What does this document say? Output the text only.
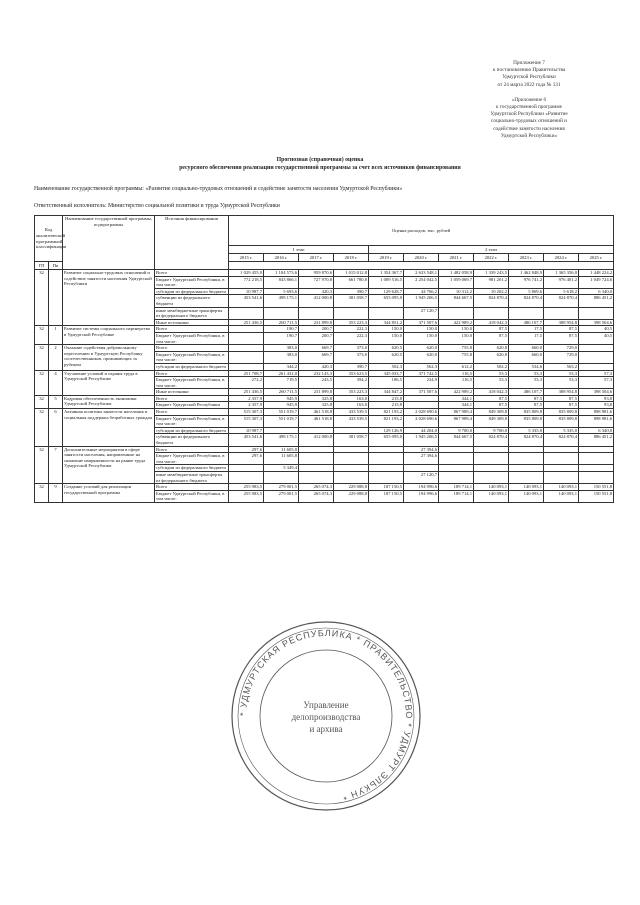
Приложение 7
к постановлению Правительства
Удмуртской Республики
от 24 марта 2022 года № 131
«Приложение 6
к государственной программе
Удмуртской Республики «Развитие
социально-трудовых отношений и
содействие занятости населения
Удмуртской Республики»
Прогнозная (справочная) оценка
ресурсного обеспечения реализации государственной программы за счет всех источников финансирования
Наименование государственной программы: «Развитие социально-трудовых отношений и содействие занятости населения Удмуртской Республики»
Ответственный исполнитель: Министерство социальной политики и труда Удмуртской Республики
Код аналитической программной классификации		Наименование государственной программы, подпрограммы	Источник финансирования	Оценка расходов, тыс. рублей										
				1 этап				2 этап						
				2015 г.	2016 г.	2017 г.	2018 г.	2019 г.	2020 г.	2021 г.	2022 г.	2023 г.	2024 г.	2025 г.
ГП	Пп													
32		Развитие социально-трудовых отношений и содействие занятости населения Удмуртской Республики	Всего	1 029 455,0	1 104 573,6	959 870,6	1 015 012,8	1 354 367,7	2 633 548,1	1 482 058,9	1 339 243,5	1 462 848,9	1 365 356,0	1 448 224,2
			Бюджет Удмуртской Республики, в том числе:	772 218,5	843 866,1	727 970,8	661 780,8	1 009 516,5	2 254 042,5	1 059 069,7	981 201,2	976 741,2	976 401,2	1 049 724,6
			субсидии из федерального бюджета	10 987,7	5 693,6	420,3	390,7	129 628,7	44 766,2	10 312,2	10 202,2	5 869,6	5 618,2	6 340,0
			субвенции из федерального бюджета	453 541,6	498 175,1	412 000,8	381 058,7	655 095,0	1 945 206,5	844 667,5	824 870,4	824 870,4	824 870,4	886 451,2
			иные межбюджетные трансферты из федерального бюджета						27 120,7					
			Иные источники	251 436,5	260 711,5	231 899,8	353 223,3	344 851,2	371 507,6	422 989,2	418 042,3	486 107,7	388 954,8	398 504,6
32	1	Развитие системы социального партнерства в Удмуртской Республике	Всего		190,7	200,7	222,3	150,0	150,0	150,0	87,5	17,5	87,5	40,5
			Бюджет Удмуртской Республики, в том числе:		190,7	200,7	222,3	150,0	150,0	150,0	87,5	17,5	87,5	40,5
32	2	Оказание содействия добровольному переселению в Удмуртскую Республику соотечественников, проживающих за рубежом	Всего		383,0	669,7	373,0	620,5	620,0	755,8	620,8	660,0	729,0	
			Бюджет Удмуртской Республики, в том числе:		383,0	669,7	373,0	620,5	620,0	755,8	620,8	660,0	729,0	
			субсидии из федерального бюджета		344,2	420,3	390,7	502,3	562,3	612,2	502,2	534,6	563,2	
32	4	Улучшение условий и охраны труда в Удмуртской Республике	Всего	251 708,7	261 431,0	232 143,3	353 623,5	345 033,7	371 742,5	116,5	53,3	53,3	53,3	57,3
			Бюджет Удмуртской Республики, в том числе:	272,2	719,5	243,5	394,2	186,5	234,9	116,5	53,3	53,3	53,3	57,3
			Иные источники	251 436,5	260 711,5	231 899,8	353 223,3	344 847,2	371 507,6	422 989,2	418 042,3	486 107,7	388 954,8	398 504,6
32	5	Кадровая обеспеченность экономики Удмуртской Республики	Всего	2 357,9	945,9	325,8	163,0	215,8		344,1	87,5	87,5	87,5	93,8
			Бюджет Удмуртской Республики	2 357,9	945,9	325,8	163,0	215,8		344,1	87,5	87,5	87,5	93,8
32	6	Активная политика занятости населения и социальная поддержка безработных граждан	Всего	515 307,3	551 019,7	461 518,8	433 539,5	821 193,2	2 028 690,6	867 989,4	849 309,8	835 809,8	835 809,8	898 981,6
			Бюджет Удмуртской Республики, в том числе:	515 307,3	551 019,7	461 518,8	433 539,5	821 193,2	2 028 690,6	867 989,4	849 309,8	835 809,8	835 809,8	898 981,6
			субсидии из федерального бюджета	10 987,7				129 126,9	44 204,0	9 700,0	9 700,0	5 335,0	5 335,0	6 340,0
			субвенции из федерального бюджета	453 541,6	498 175,1	412 000,8	381 058,7	655 095,0	1 945 206,5	844 667,5	824 870,4	824 870,4	824 870,4	886 451,2
32	7	Дополнительные мероприятия в сфере занятости населения, направленные на снижение напряженности на рынке труда Удмуртской Республики	Всего	297,6	11 605,8				27 394,6					
			Бюджет Удмуртской Республики, в том числе:	297,6	11 605,8				27 394,6					
			субсидии из федерального бюджета		5 349,4									
			иные межбюджетные трансферты из федерального бюджета						27 120,7					
32	9	Создание условий для реализации государственной программы	Всего	255 983,5	279 001,5	265 074,3	229 088,8	187 150,5	194 996,6	189 714,1	140 093,1	140 093,1	140 093,1	150 551,8
			Бюджет Удмуртской Республики, в том числе:	255 983,5	279 001,5	265 074,3	229 088,8	187 150,5	194 996,6	189 714,1	140 093,1	140 093,1	140 093,1	150 551,8
* УДМУРТСКАЯ РЕСПУБЛИКА * ПРАВИТЕЛЬСТВО * УДМУРТ ЭЛЬКУН *
Управление
делопроизводства
и архива
